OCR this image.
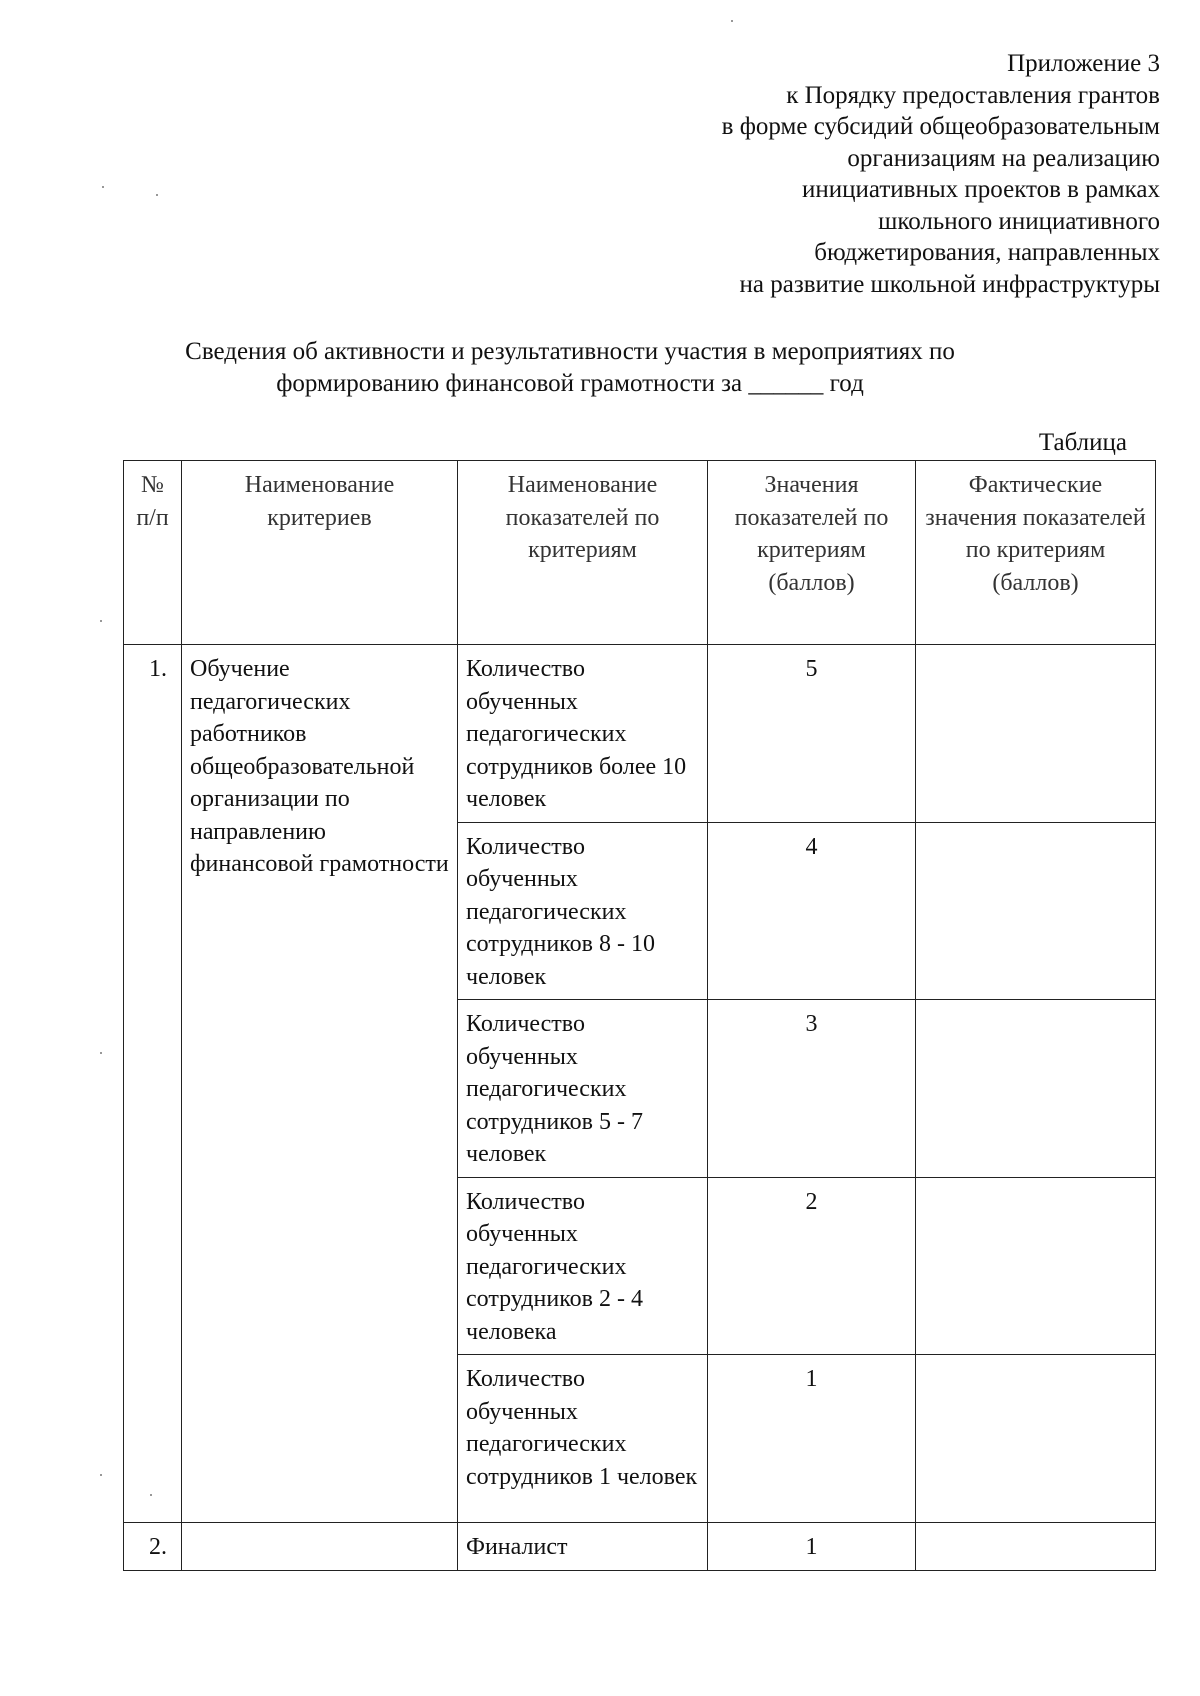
Приложение 3
к Порядку предоставления грантов
в форме субсидий общеобразовательным
организациям на реализацию
инициативных проектов в рамках
школьного инициативного
бюджетирования, направленных
на развитие школьной инфраструктуры
Сведения об активности и результативности участия в мероприятиях по
формированию финансовой грамотности за ______ год
Таблица
№ п/п	Наименование критериев	Наименование показателей по критериям	Значения показателей по критериям (баллов)	Фактические значения показателей по критериям (баллов)
1.	Обучение педагогических работников общеобразовательной организации по направлению финансовой грамотности	Количество обученных педагогических сотрудников более 10 человек	5	
		Количество обученных педагогических сотрудников 8 - 10 человек	4	
		Количество обученных педагогических сотрудников 5 - 7 человек	3	
		Количество обученных педагогических сотрудников 2 - 4 человека	2	
		Количество обученных педагогических сотрудников 1 человек	1	
2.		Финалист	1	
